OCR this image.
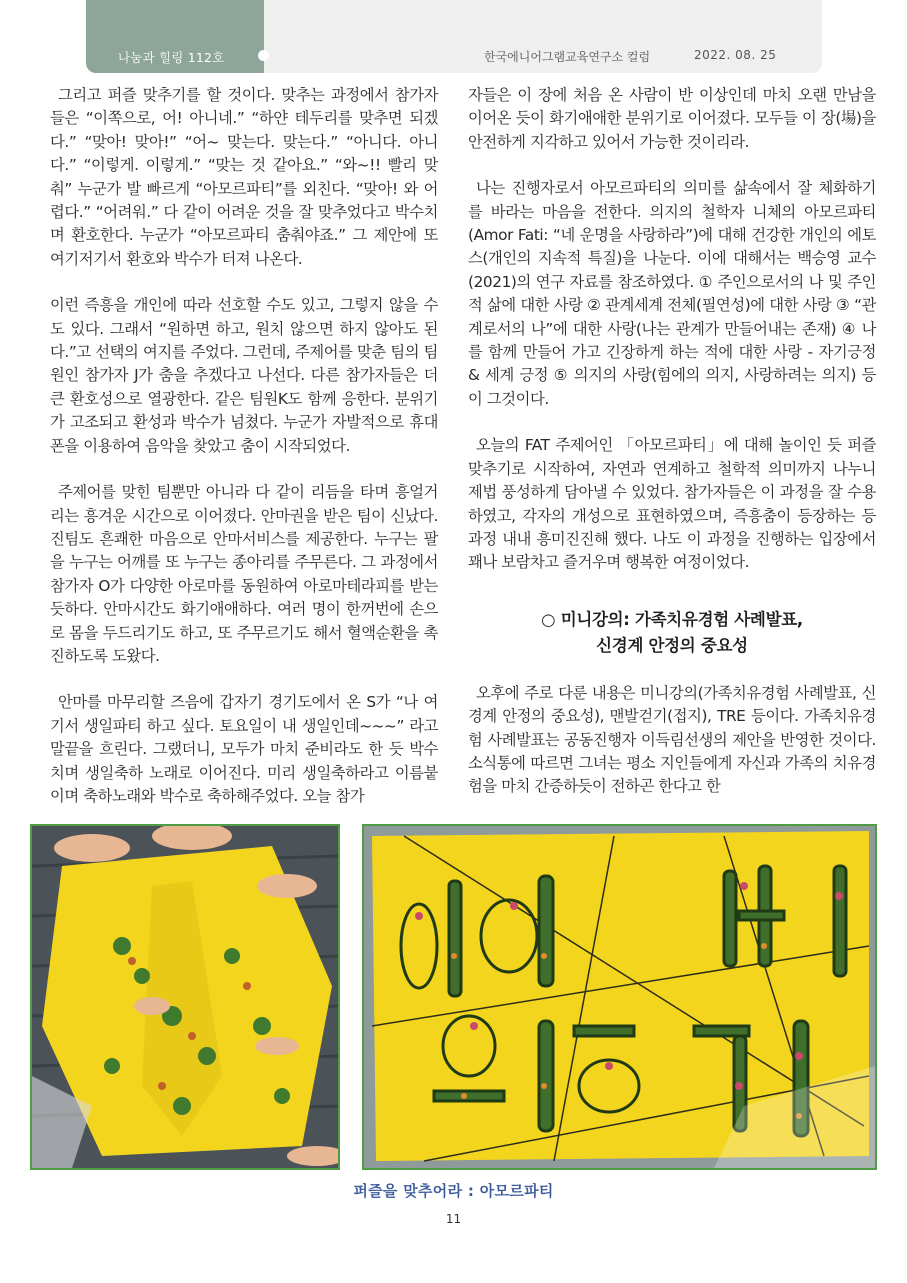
나눔과 힐링 112호	한국에니어그램교육연구소 컬럼	2022. 08. 25

그리고 퍼즐 맞추기를 할 것이다. 맞추는 과정에서 참가자들은 “이쪽으로, 어! 아니네.” “하얀 테두리를 맞추면 되겠다.” “맞아! 맞아!” “어~ 맞는다. 맞는다.” “아니다. 아니다.” “이렇게. 이렇게.” “맞는 것 같아요.” “와~!! 빨리 맞춰” 누군가 발 빠르게 “아모르파티”를 외친다. “맞아! 와 어렵다.” “어려워.” 다 같이 어려운 것을 잘 맞추었다고 박수치며 환호한다. 누군가 “아모르파티 춤춰야죠.” 그 제안에 또 여기저기서 환호와 박수가 터져 나온다.

이런 즉흥을 개인에 따라 선호할 수도 있고, 그렇지 않을 수도 있다. 그래서 “원하면 하고, 원치 않으면 하지 않아도 된다.”고 선택의 여지를 주었다. 그런데, 주제어를 맞춘 팀의 팀원인 참가자 J가 춤을 추겠다고 나선다. 다른 참가자들은 더 큰 환호성으로 열광한다. 같은 팀원K도 함께 응한다. 분위기가 고조되고 환성과 박수가 넘쳤다. 누군가 자발적으로 휴대폰을 이용하여 음악을 찾았고 춤이 시작되었다.

주제어를 맞힌 팀뿐만 아니라 다 같이 리듬을 타며 흥얼거리는 흥겨운 시간으로 이어졌다. 안마권을 받은 팀이 신났다. 진팀도 흔쾌한 마음으로 안마서비스를 제공한다. 누구는 팔을 누구는 어깨를 또 누구는 종아리를 주무른다. 그 과정에서 참가자 O가 다양한 아로마를 동원하여 아로마테라피를 받는 듯하다. 안마시간도 화기애애하다. 여러 명이 한꺼번에 손으로 몸을 두드리기도 하고, 또 주무르기도 해서 혈액순환을 촉진하도록 도왔다.

안마를 마무리할 즈음에 갑자기 경기도에서 온 S가 “나 여기서 생일파티 하고 싶다. 토요일이 내 생일인데~~~” 라고 말끝을 흐린다. 그랬더니, 모두가 마치 준비라도 한 듯 박수치며 생일축하 노래로 이어진다. 미리 생일축하라고 이름붙이며 축하노래와 박수로 축하해주었다. 오늘 참가

자들은 이 장에 처음 온 사람이 반 이상인데 마치 오랜 만남을 이어온 듯이 화기애애한 분위기로 이어졌다. 모두들 이 장(場)을 안전하게 지각하고 있어서 가능한 것이리라.

나는 진행자로서 아모르파티의 의미를 삶속에서 잘 체화하기를 바라는 마음을 전한다. 의지의 철학자 니체의 아모르파티(Amor Fati: “네 운명을 사랑하라”)에 대해 건강한 개인의 에토스(개인의 지속적 특질)을 나눈다. 이에 대해서는 백승영 교수(2021)의 연구 자료를 참조하였다. ① 주인으로서의 나 및 주인적 삶에 대한 사랑 ② 관계세계 전체(필연성)에 대한 사랑 ③ “관계로서의 나”에 대한 사랑(나는 관계가 만들어내는 존재) ④ 나를 함께 만들어 가고 긴장하게 하는 적에 대한 사랑 - 자기긍정 & 세계 긍정 ⑤ 의지의 사랑(힘에의 의지, 사랑하려는 의지) 등이 그것이다.

오늘의 FAT 주제어인 「아모르파티」에 대해 놀이인 듯 퍼즐 맞추기로 시작하여, 자연과 연계하고 철학적 의미까지 나누니 제법 풍성하게 담아낼 수 있었다. 참가자들은 이 과정을 잘 수용하였고, 각자의 개성으로 표현하였으며, 즉흥춤이 등장하는 등 과정 내내 흥미진진해 했다. 나도 이 과정을 진행하는 입장에서 꽤나 보람차고 즐거우며 행복한 여정이었다.

○ 미니강의: 가족치유경험 사례발표,
신경계 안정의 중요성

오후에 주로 다룬 내용은 미니강의(가족치유경험 사례발표, 신경계 안정의 중요성), 맨발걷기(접지), TRE 등이다. 가족치유경험 사례발표는 공동진행자 이득림선생의 제안을 반영한 것이다. 소식통에 따르면 그녀는 평소 지인들에게 자신과 가족의 치유경험을 마치 간증하듯이 전하곤 한다고 한

퍼즐을 맞추어라 : 아모르파티
11
